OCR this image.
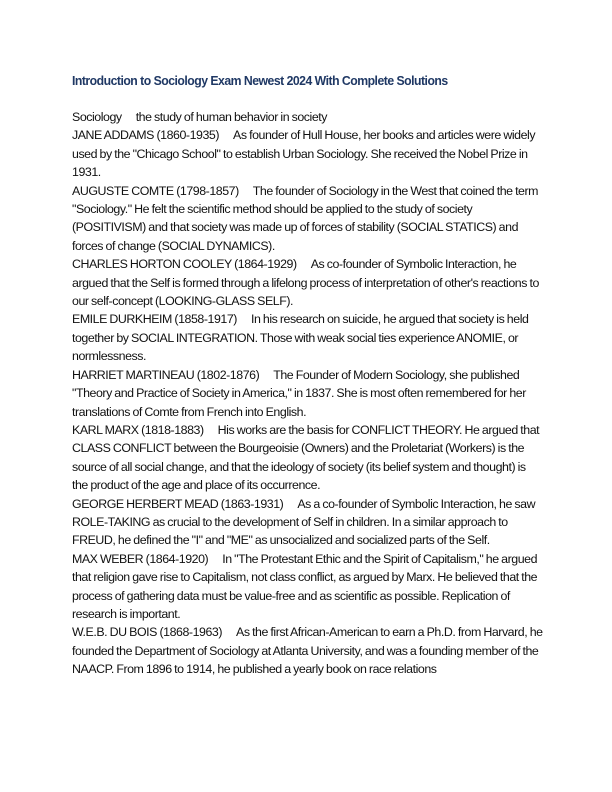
Introduction to Sociology Exam Newest 2024 With Complete Solutions
Sociology the study of human behavior in society
JANE ADDAMS (1860-1935) As founder of Hull House, her books and articles were widely used by the "Chicago School" to establish Urban Sociology. She received the Nobel Prize in 1931.
AUGUSTE COMTE (1798-1857) The founder of Sociology in the West that coined the term "Sociology." He felt the scientific method should be applied to the study of society (POSITIVISM) and that society was made up of forces of stability (SOCIAL STATICS) and forces of change (SOCIAL DYNAMICS).
CHARLES HORTON COOLEY (1864-1929) As co-founder of Symbolic Interaction, he argued that the Self is formed through a lifelong process of interpretation of other's reactions to our self-concept (LOOKING-GLASS SELF).
EMILE DURKHEIM (1858-1917) In his research on suicide, he argued that society is held together by SOCIAL INTEGRATION. Those with weak social ties experience ANOMIE, or normlessness.
HARRIET MARTINEAU (1802-1876) The Founder of Modern Sociology, she published "Theory and Practice of Society in America," in 1837. She is most often remembered for her translations of Comte from French into English.
KARL MARX (1818-1883) His works are the basis for CONFLICT THEORY. He argued that CLASS CONFLICT between the Bourgeoisie (Owners) and the Proletariat (Workers) is the source of all social change, and that the ideology of society (its belief system and thought) is the product of the age and place of its occurrence.
GEORGE HERBERT MEAD (1863-1931) As a co-founder of Symbolic Interaction, he saw ROLE-TAKING as crucial to the development of Self in children. In a similar approach to FREUD, he defined the "I" and "ME" as unsocialized and socialized parts of the Self.
MAX WEBER (1864-1920) In "The Protestant Ethic and the Spirit of Capitalism," he argued that religion gave rise to Capitalism, not class conflict, as argued by Marx. He believed that the process of gathering data must be value-free and as scientific as possible. Replication of research is important.
W.E.B. DU BOIS (1868-1963) As the first African-American to earn a Ph.D. from Harvard, he founded the Department of Sociology at Atlanta University, and was a founding member of the NAACP. From 1896 to 1914, he published a yearly book on race relations
